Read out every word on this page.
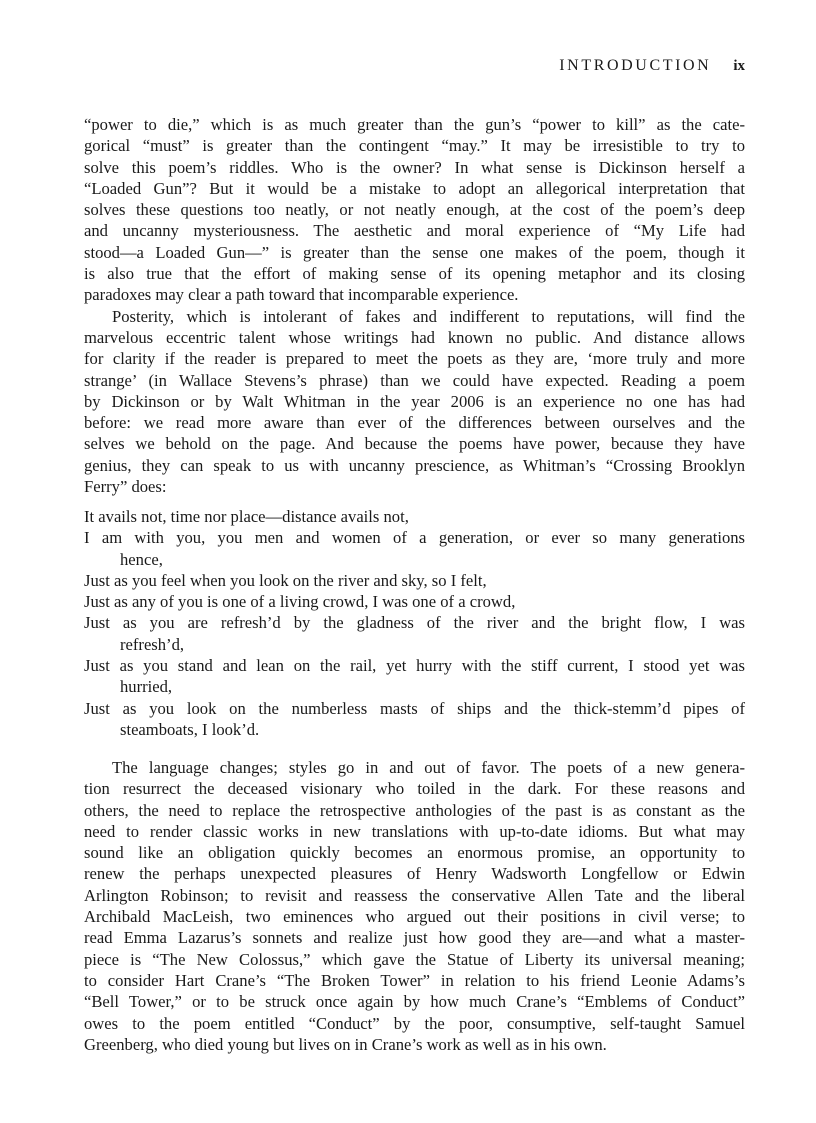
INTRODUCTION ix
“power to die,” which is as much greater than the gun’s “power to kill” as the cate-
gorical “must” is greater than the contingent “may.” It may be irresistible to try to
solve this poem’s riddles. Who is the owner? In what sense is Dickinson herself a
“Loaded Gun”? But it would be a mistake to adopt an allegorical interpretation that
solves these questions too neatly, or not neatly enough, at the cost of the poem’s deep
and uncanny mysteriousness. The aesthetic and moral experience of “My Life had
stood—a Loaded Gun—” is greater than the sense one makes of the poem, though it
is also true that the effort of making sense of its opening metaphor and its closing
paradoxes may clear a path toward that incomparable experience.
Posterity, which is intolerant of fakes and indifferent to reputations, will find the
marvelous eccentric talent whose writings had known no public. And distance allows
for clarity if the reader is prepared to meet the poets as they are, ‘more truly and more
strange’ (in Wallace Stevens’s phrase) than we could have expected. Reading a poem
by Dickinson or by Walt Whitman in the year 2006 is an experience no one has had
before: we read more aware than ever of the differences between ourselves and the
selves we behold on the page. And because the poems have power, because they have
genius, they can speak to us with uncanny prescience, as Whitman’s “Crossing Brooklyn
Ferry” does:
It avails not, time nor place—distance avails not,
I am with you, you men and women of a generation, or ever so many generations
hence,
Just as you feel when you look on the river and sky, so I felt,
Just as any of you is one of a living crowd, I was one of a crowd,
Just as you are refresh’d by the gladness of the river and the bright flow, I was
refresh’d,
Just as you stand and lean on the rail, yet hurry with the stiff current, I stood yet was
hurried,
Just as you look on the numberless masts of ships and the thick-stemm’d pipes of
steamboats, I look’d.
The language changes; styles go in and out of favor. The poets of a new genera-
tion resurrect the deceased visionary who toiled in the dark. For these reasons and
others, the need to replace the retrospective anthologies of the past is as constant as the
need to render classic works in new translations with up-to-date idioms. But what may
sound like an obligation quickly becomes an enormous promise, an opportunity to
renew the perhaps unexpected pleasures of Henry Wadsworth Longfellow or Edwin
Arlington Robinson; to revisit and reassess the conservative Allen Tate and the liberal
Archibald MacLeish, two eminences who argued out their positions in civil verse; to
read Emma Lazarus’s sonnets and realize just how good they are—and what a master-
piece is “The New Colossus,” which gave the Statue of Liberty its universal meaning;
to consider Hart Crane’s “The Broken Tower” in relation to his friend Leonie Adams’s
“Bell Tower,” or to be struck once again by how much Crane’s “Emblems of Conduct”
owes to the poem entitled “Conduct” by the poor, consumptive, self-taught Samuel
Greenberg, who died young but lives on in Crane’s work as well as in his own.
